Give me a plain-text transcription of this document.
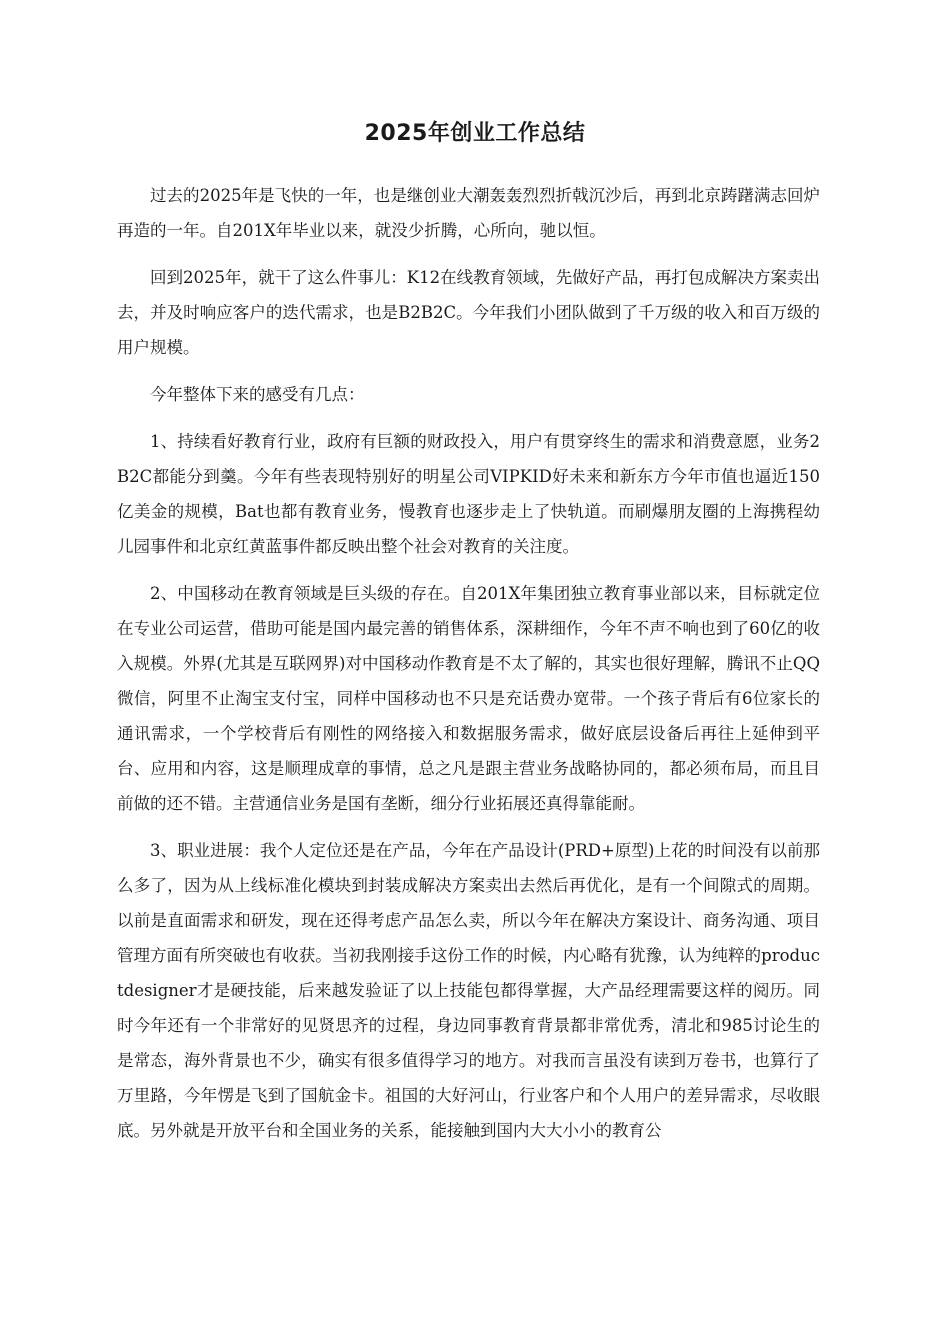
2025年创业工作总结

过去的2025年是飞快的一年，也是继创业大潮轰轰烈烈折戟沉沙后，再到北京踌躇满志回炉再造的一年。自201X年毕业以来，就没少折腾，心所向，驰以恒。

回到2025年，就干了这么件事儿：K12在线教育领域，先做好产品，再打包成解决方案卖出去，并及时响应客户的迭代需求，也是B2B2C。今年我们小团队做到了千万级的收入和百万级的用户规模。

今年整体下来的感受有几点：

1、持续看好教育行业，政府有巨额的财政投入，用户有贯穿终生的需求和消费意愿，业务2B2C都能分到羹。今年有些表现特别好的明星公司VIPKID好未来和新东方今年市值也逼近150亿美金的规模，Bat也都有教育业务，慢教育也逐步走上了快轨道。而刷爆朋友圈的上海携程幼儿园事件和北京红黄蓝事件都反映出整个社会对教育的关注度。

2、中国移动在教育领域是巨头级的存在。自201X年集团独立教育事业部以来，目标就定位在专业公司运营，借助可能是国内最完善的销售体系，深耕细作，今年不声不响也到了60亿的收入规模。外界(尤其是互联网界)对中国移动作教育是不太了解的，其实也很好理解，腾讯不止QQ微信，阿里不止淘宝支付宝，同样中国移动也不只是充话费办宽带。一个孩子背后有6位家长的通讯需求，一个学校背后有刚性的网络接入和数据服务需求，做好底层设备后再往上延伸到平台、应用和内容，这是顺理成章的事情，总之凡是跟主营业务战略协同的，都必须布局，而且目前做的还不错。主营通信业务是国有垄断，细分行业拓展还真得靠能耐。

3、职业进展：我个人定位还是在产品，今年在产品设计(PRD+原型)上花的时间没有以前那么多了，因为从上线标准化模块到封装成解决方案卖出去然后再优化，是有一个间隙式的周期。以前是直面需求和研发，现在还得考虑产品怎么卖，所以今年在解决方案设计、商务沟通、项目管理方面有所突破也有收获。当初我刚接手这份工作的时候，内心略有犹豫，认为纯粹的productdesigner才是硬技能，后来越发验证了以上技能包都得掌握，大产品经理需要这样的阅历。同时今年还有一个非常好的见贤思齐的过程，身边同事教育背景都非常优秀，清北和985讨论生的是常态，海外背景也不少，确实有很多值得学习的地方。对我而言虽没有读到万卷书，也算行了万里路，今年愣是飞到了国航金卡。祖国的大好河山，行业客户和个人用户的差异需求，尽收眼底。另外就是开放平台和全国业务的关系，能接触到国内大大小小的教育公
